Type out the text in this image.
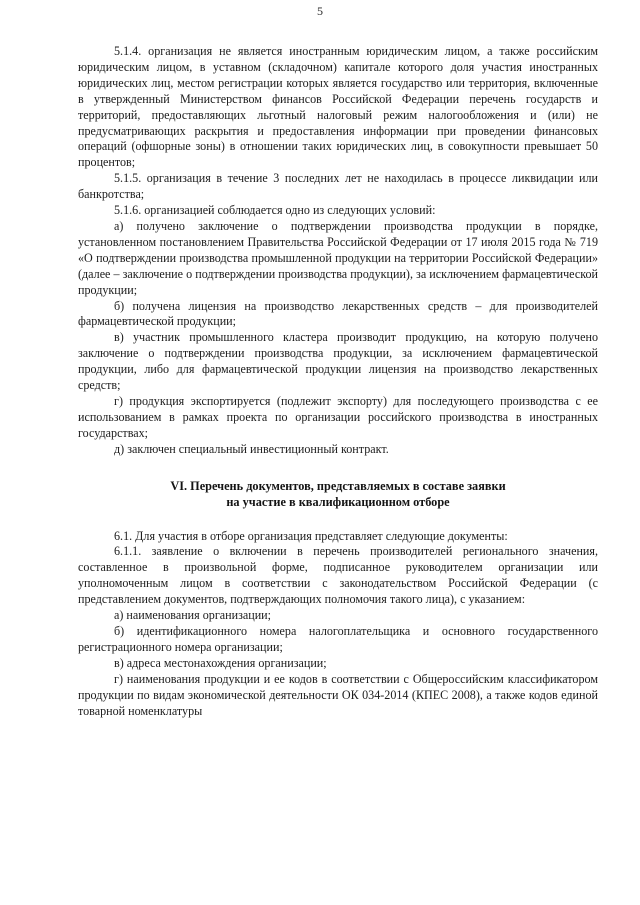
5

5.1.4. организация не является иностранным юридическим лицом, а также российским юридическим лицом, в уставном (складочном) капитале которого доля участия иностранных юридических лиц, местом регистрации которых является государство или территория, включенные в утвержденный Министерством финансов Российской Федерации перечень государств и территорий, предоставляющих льготный налоговый режим налогообложения и (или) не предусматривающих раскрытия и предоставления информации при проведении финансовых операций (офшорные зоны) в отношении таких юридических лиц, в совокупности превышает 50 процентов;

5.1.5. организация в течение 3 последних лет не находилась в процессе ликвидации или банкротства;

5.1.6. организацией соблюдается одно из следующих условий:

а) получено заключение о подтверждении производства продукции в порядке, установленном постановлением Правительства Российской Федерации от 17 июля 2015 года № 719 «О подтверждении производства промышленной продукции на территории Российской Федерации» (далее – заключение о подтверждении производства продукции), за исключением фармацевтической продукции;

б) получена лицензия на производство лекарственных средств – для производителей фармацевтической продукции;

в) участник промышленного кластера производит продукцию, на которую получено заключение о подтверждении производства продукции, за исключением фармацевтической продукции, либо для фармацевтической продукции лицензия на производство лекарственных средств;

г) продукция экспортируется (подлежит экспорту) для последующего производства с ее использованием в рамках проекта по организации российского производства в иностранных государствах;

д) заключен специальный инвестиционный контракт.

VI. Перечень документов, представляемых в составе заявки
на участие в квалификационном отборе

6.1. Для участия в отборе организация представляет следующие документы:

6.1.1. заявление о включении в перечень производителей регионального значения, составленное в произвольной форме, подписанное руководителем организации или уполномоченным лицом в соответствии с законодательством Российской Федерации (с представлением документов, подтверждающих полномочия такого лица), с указанием:

а) наименования организации;

б) идентификационного номера налогоплательщика и основного государственного регистрационного номера организации;

в) адреса местонахождения организации;

г) наименования продукции и ее кодов в соответствии с Общероссийским классификатором продукции по видам экономической деятельности ОК 034-2014 (КПЕС 2008), а также кодов единой товарной номенклатуры
